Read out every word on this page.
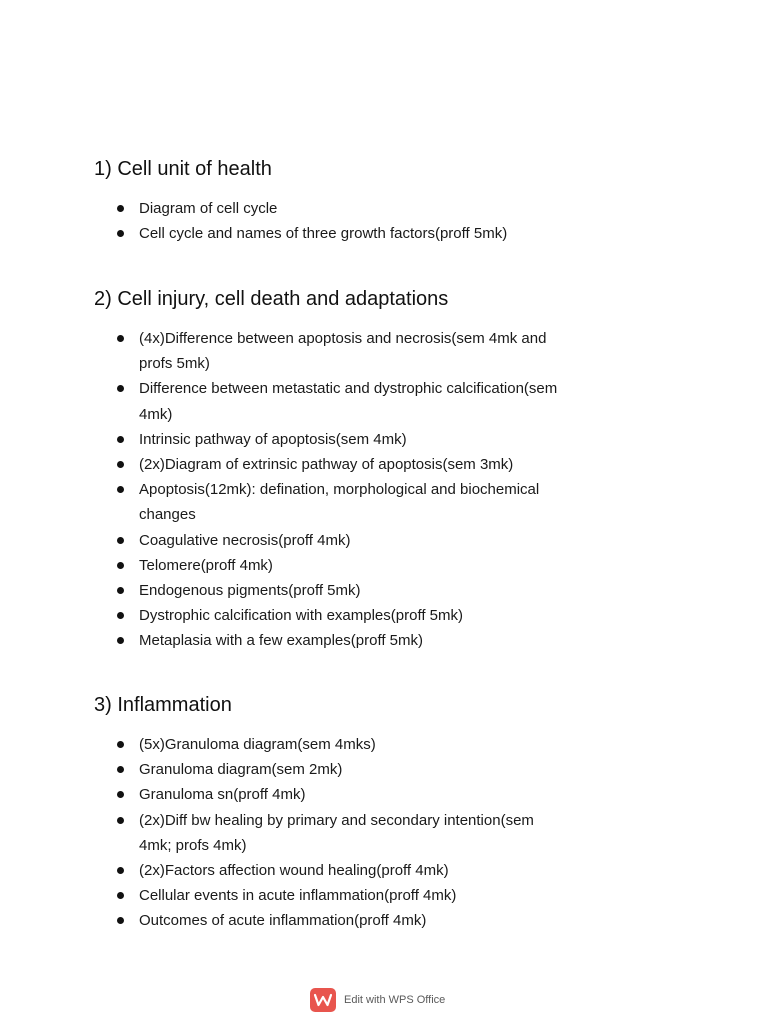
1) Cell unit of health
Diagram of cell cycle
Cell cycle and names of three growth factors(proff 5mk)
2) Cell injury, cell death and adaptations
(4x)Difference between apoptosis and necrosis(sem 4mk and profs 5mk)
Difference between metastatic and dystrophic calcification(sem 4mk)
Intrinsic pathway of apoptosis(sem 4mk)
(2x)Diagram of extrinsic pathway of apoptosis(sem 3mk)
Apoptosis(12mk): defination, morphological and biochemical changes
Coagulative necrosis(proff 4mk)
Telomere(proff 4mk)
Endogenous pigments(proff 5mk)
Dystrophic calcification with examples(proff 5mk)
Metaplasia with a few examples(proff 5mk)
3) Inflammation
(5x)Granuloma diagram(sem 4mks)
Granuloma diagram(sem 2mk)
Granuloma sn(proff 4mk)
(2x)Diff bw healing by primary and secondary intention(sem 4mk; profs 4mk)
(2x)Factors affection wound healing(proff 4mk)
Cellular events in acute inflammation(proff 4mk)
Outcomes of acute inflammation(proff 4mk)
Edit with WPS Office
